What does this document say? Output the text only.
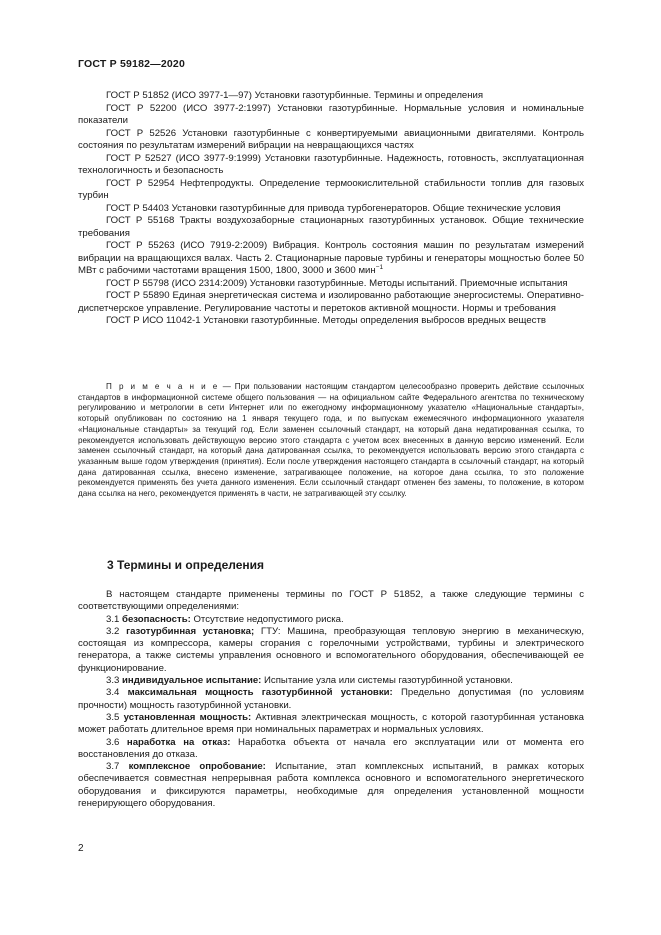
ГОСТ Р 59182—2020

ГОСТ Р 51852 (ИСО 3977-1—97) Установки газотурбинные. Термины и определения

ГОСТ Р 52200 (ИСО 3977-2:1997) Установки газотурбинные. Нормальные условия и номинальные показатели

ГОСТ Р 52526 Установки газотурбинные с конвертируемыми авиационными двигателями. Контроль состояния по результатам измерений вибрации на невращающихся частях

ГОСТ Р 52527 (ИСО 3977-9:1999) Установки газотурбинные. Надежность, готовность, эксплуатационная технологичность и безопасность

ГОСТ Р 52954 Нефтепродукты. Определение термоокислительной стабильности топлив для газовых турбин

ГОСТ Р 54403 Установки газотурбинные для привода турбогенераторов. Общие технические условия

ГОСТ Р 55168 Тракты воздухозаборные стационарных газотурбинных установок. Общие технические требования

ГОСТ Р 55263 (ИСО 7919-2:2009) Вибрация. Контроль состояния машин по результатам измерений вибрации на вращающихся валах. Часть 2. Стационарные паровые турбины и генераторы мощностью более 50 МВт с рабочими частотами вращения 1500, 1800, 3000 и 3600 мин$^{-1}$

ГОСТ Р 55798 (ИСО 2314:2009) Установки газотурбинные. Методы испытаний. Приемочные испытания

ГОСТ Р 55890 Единая энергетическая система и изолированно работающие энергосистемы. Оперативно-диспетчерское управление. Регулирование частоты и перетоков активной мощности. Нормы и требования

ГОСТ Р ИСО 11042-1 Установки газотурбинные. Методы определения выбросов вредных веществ

П р и м е ч а н и е — При пользовании настоящим стандартом целесообразно проверить действие ссылочных стандартов в информационной системе общего пользования — на официальном сайте Федерального агентства по техническому регулированию и метрологии в сети Интернет или по ежегодному информационному указателю «Национальные стандарты», который опубликован по состоянию на 1 января текущего года, и по выпускам ежемесячного информационного указателя «Национальные стандарты» за текущий год. Если заменен ссылочный стандарт, на который дана недатированная ссылка, то рекомендуется использовать действующую версию этого стандарта с учетом всех внесенных в данную версию изменений. Если заменен ссылочный стандарт, на который дана датированная ссылка, то рекомендуется использовать версию этого стандарта с указанным выше годом утверждения (принятия). Если после утверждения настоящего стандарта в ссылочный стандарт, на который дана датированная ссылка, внесено изменение, затрагивающее положение, на которое дана ссылка, то это положение рекомендуется применять без учета данного изменения. Если ссылочный стандарт отменен без замены, то положение, в котором дана ссылка на него, рекомендуется применять в части, не затрагивающей эту ссылку.

3 Термины и определения

В настоящем стандарте применены термины по ГОСТ Р 51852, а также следующие термины с соответствующими определениями:

3.1 безопасность: Отсутствие недопустимого риска.

3.2 газотурбинная установка; ГТУ: Машина, преобразующая тепловую энергию в механическую, состоящая из компрессора, камеры сгорания с горелочными устройствами, турбины и электрического генератора, а также системы управления основного и вспомогательного оборудования, обеспечивающей ее функционирование.

3.3 индивидуальное испытание: Испытание узла или системы газотурбинной установки.

3.4 максимальная мощность газотурбинной установки: Предельно допустимая (по условиям прочности) мощность газотурбинной установки.

3.5 установленная мощность: Активная электрическая мощность, с которой газотурбинная установка может работать длительное время при номинальных параметрах и нормальных условиях.

3.6 наработка на отказ: Наработка объекта от начала его эксплуатации или от момента его восстановления до отказа.

3.7 комплексное опробование: Испытание, этап комплексных испытаний, в рамках которых обеспечивается совместная непрерывная работа комплекса основного и вспомогательного энергетического оборудования и фиксируются параметры, необходимые для определения установленной мощности генерирующего оборудования.

2
